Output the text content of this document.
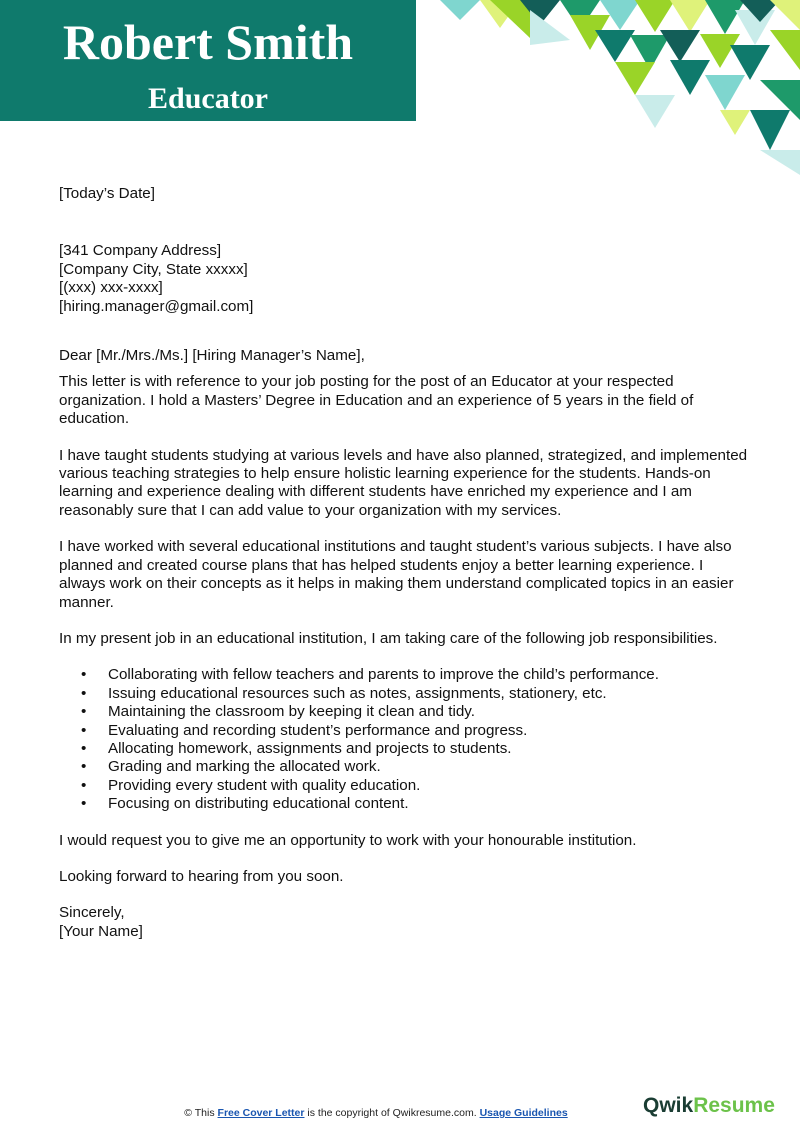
Robert Smith
Educator

[Today’s Date]

[341 Company Address]
[Company City, State xxxxx]
[(xxx) xxx-xxxx]
[hiring.manager@gmail.com]

Dear [Mr./Mrs./Ms.] [Hiring Manager’s Name],

This letter is with reference to your job posting for the post of an Educator at your respected organization. I hold a Masters’ Degree in Education and an experience of 5 years in the field of education.

I have taught students studying at various levels and have also planned, strategized, and implemented various teaching strategies to help ensure holistic learning experience for the students. Hands-on learning and experience dealing with different students have enriched my experience and I am reasonably sure that I can add value to your organization with my services.

I have worked with several educational institutions and taught student’s various subjects. I have also planned and created course plans that has helped students enjoy a better learning experience. I always work on their concepts as it helps in making them understand complicated topics in an easier manner.

In my present job in an educational institution, I am taking care of the following job responsibilities.

• Collaborating with fellow teachers and parents to improve the child’s performance.
• Issuing educational resources such as notes, assignments, stationery, etc.
• Maintaining the classroom by keeping it clean and tidy.
• Evaluating and recording student’s performance and progress.
• Allocating homework, assignments and projects to students.
• Grading and marking the allocated work.
• Providing every student with quality education.
• Focusing on distributing educational content.

I would request you to give me an opportunity to work with your honourable institution.

Looking forward to hearing from you soon.

Sincerely,
[Your Name]
© This Free Cover Letter is the copyright of Qwikresume.com. Usage Guidelines	QwikResume
